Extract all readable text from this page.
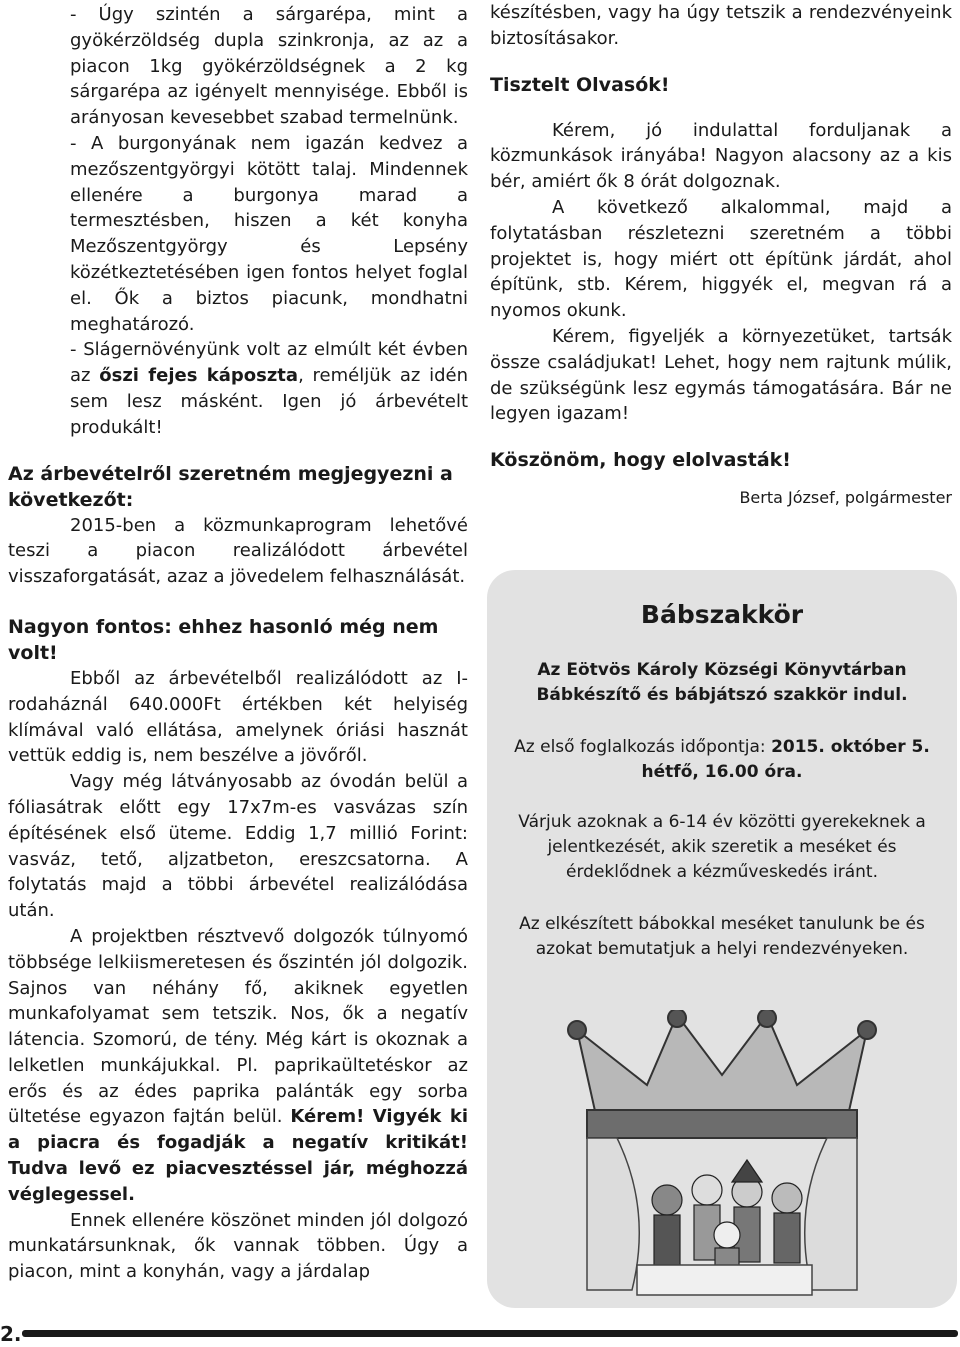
- Úgy szintén a sárgarépa, mint a gyökérzöldség dupla szinkronja, az az a piacon 1kg gyökérzöldségnek a 2 kg sárgarépa az igényelt mennyisége. Ebből is arányosan kevesebbet szabad termelnünk.

- A burgonyának nem igazán kedvez a mezőszentgyörgyi kötött talaj. Mindennek ellenére a burgonya marad a termesztésben, hiszen a két konyha Mezőszentgyörgy és Lepsény közétkeztetésében igen fontos helyet foglal el. Ők a biztos piacunk, mondhatni meghatározó.

- Slágernövényünk volt az elmúlt két évben az őszi fejes káposzta, reméljük az idén sem lesz másként. Igen jó árbevételt produkált!

Az árbevételről szeretném megjegyezni a következőt:

2015-ben a közmunkaprogram lehetővé teszi a piacon realizálódott árbevétel visszaforgatását, azaz a jövedelem felhasználását.

Nagyon fontos: ehhez hasonló még nem volt!

Ebből az árbevételből realizálódott az I-rodaháznál 640.000Ft értékben két helyiség klímával való ellátása, amelynek óriási hasznát vettük eddig is, nem beszélve a jövőről.

Vagy még látványosabb az óvodán belül a fóliasátrak előtt egy 17x7m-es vasvázas szín építésének első üteme. Eddig 1,7 millió Forint: vasváz, tető, aljzatbeton, ereszcsatorna. A folytatás majd a többi árbevétel realizálódása után.

A projektben résztvevő dolgozók túlnyomó többsége lelkiismeretesen és őszintén jól dolgozik. Sajnos van néhány fő, akiknek egyetlen munkafolyamat sem tetszik. Nos, ők a negatív látencia. Szomorú, de tény. Még kárt is okoznak a lelketlen munkájukkal. Pl. paprikaültetéskor az erős és az édes paprika palánták egy sorba ültetése egyazon fajtán belül. Kérem! Vigyék ki a piacra és fogadják a negatív kritikát! Tudva levő ez piacvesztéssel jár, méghozzá véglegessel.

Ennek ellenére köszönet minden jól dolgozó munkatársunknak, ők vannak többen. Úgy a piacon, mint a konyhán, vagy a járdalap

készítésben, vagy ha úgy tetszik a rendezvényeink biztosításakor.

Tisztelt Olvasók!

Kérem, jó indulattal forduljanak a közmunkások irányába! Nagyon alacsony az a kis bér, amiért ők 8 órát dolgoznak.

A következő alkalommal, majd a folytatásban részletezni szeretném a többi projektet is, hogy miért ott építünk járdát, ahol építünk, stb. Kérem, higgyék el, megvan rá a nyomos okunk.

Kérem, figyeljék a környezetüket, tartsák össze családjukat! Lehet, hogy nem rajtunk múlik, de szükségünk lesz egymás támogatására. Bár ne legyen igazam!

Köszönöm, hogy elolvasták!

Berta József, polgármester

Bábszakkör
Az Eötvös Károly Községi Könyvtárban Bábkészítő és bábjátszó szakkör indul.
Az első foglalkozás időpontja: 2015. október 5. hétfő, 16.00 óra.
Várjuk azoknak a 6-14 év közötti gyerekeknek a jelentkezését, akik szeretik a meséket és érdeklődnek a kézműveskedés iránt.
Az elkészített bábokkal meséket tanulunk be és azokat bemutatjuk a helyi rendezvényeken.
2.
